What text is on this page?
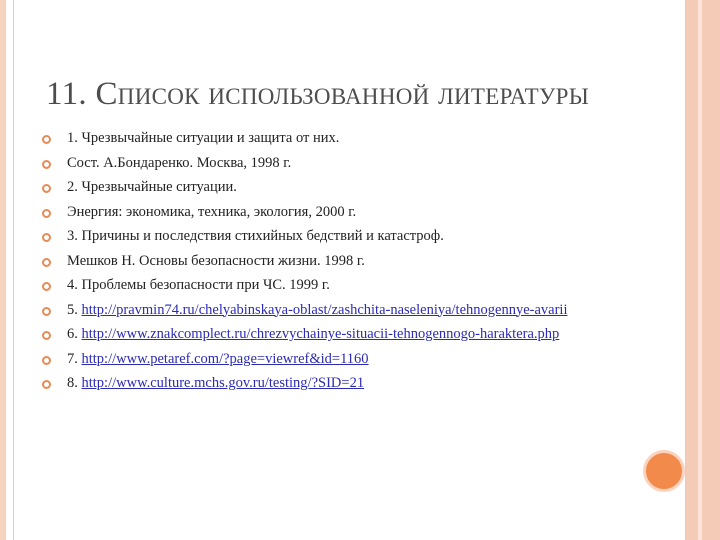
11. Список использованной литературы
1. Чрезвычайные ситуации и защита от них.
Сост. А.Бондаренко. Москва, 1998 г.
2. Чрезвычайные ситуации.
Энергия: экономика, техника, экология, 2000 г.
3. Причины и последствия стихийных бедствий и катастроф.
Мешков Н. Основы безопасности жизни. 1998 г.
4. Проблемы безопасности при ЧС. 1999 г.
5. http://pravmin74.ru/chelyabinskaya-oblast/zashchita-naseleniya/tehnogennye-avarii
6. http://www.znakcomplect.ru/chrezvychainye-situacii-tehnogennogo-haraktera.php
7. http://www.petaref.com/?page=viewref&id=1160
8. http://www.culture.mchs.gov.ru/testing/?SID=21
